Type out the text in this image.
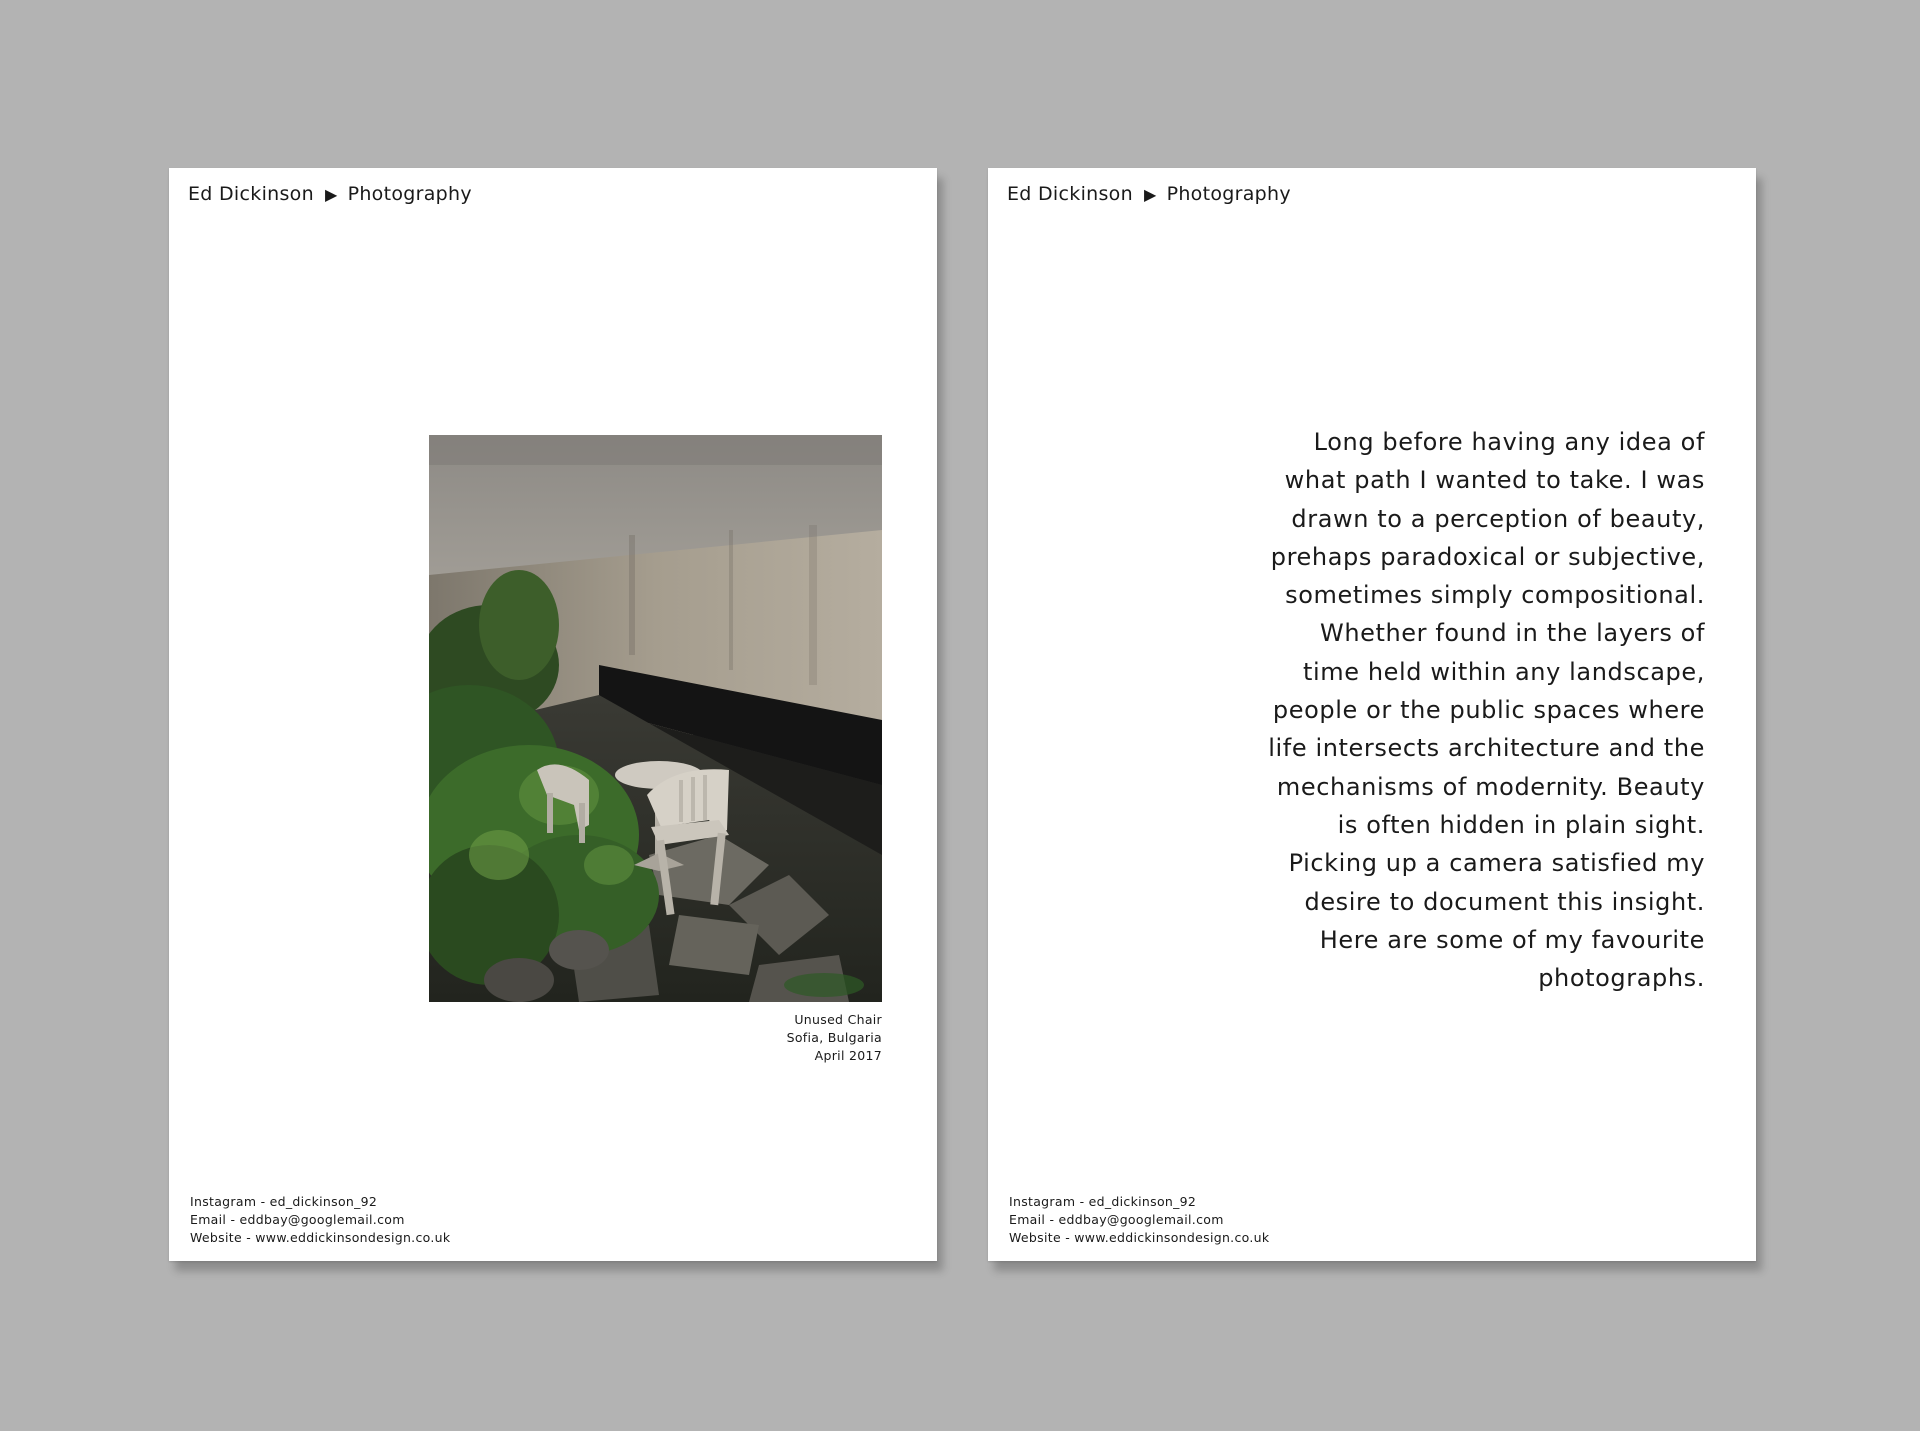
Ed Dickinson ▶ Photography
Unused Chair
Sofia, Bulgaria
April 2017
Instagram - ed_dickinson_92
Email - eddbay@googlemail.com
Website - www.eddickinsondesign.co.uk
Ed Dickinson ▶ Photography
Long before having any idea of
what path I wanted to take. I was
drawn to a perception of beauty,
prehaps paradoxical or subjective,
sometimes simply compositional.
Whether found in the layers of
time held within any landscape,
people or the public spaces where
life intersects architecture and the
mechanisms of modernity. Beauty
is often hidden in plain sight.
Picking up a camera satisfied my
desire to document this insight.
Here are some of my favourite
photographs.
Instagram - ed_dickinson_92
Email - eddbay@googlemail.com
Website - www.eddickinsondesign.co.uk
